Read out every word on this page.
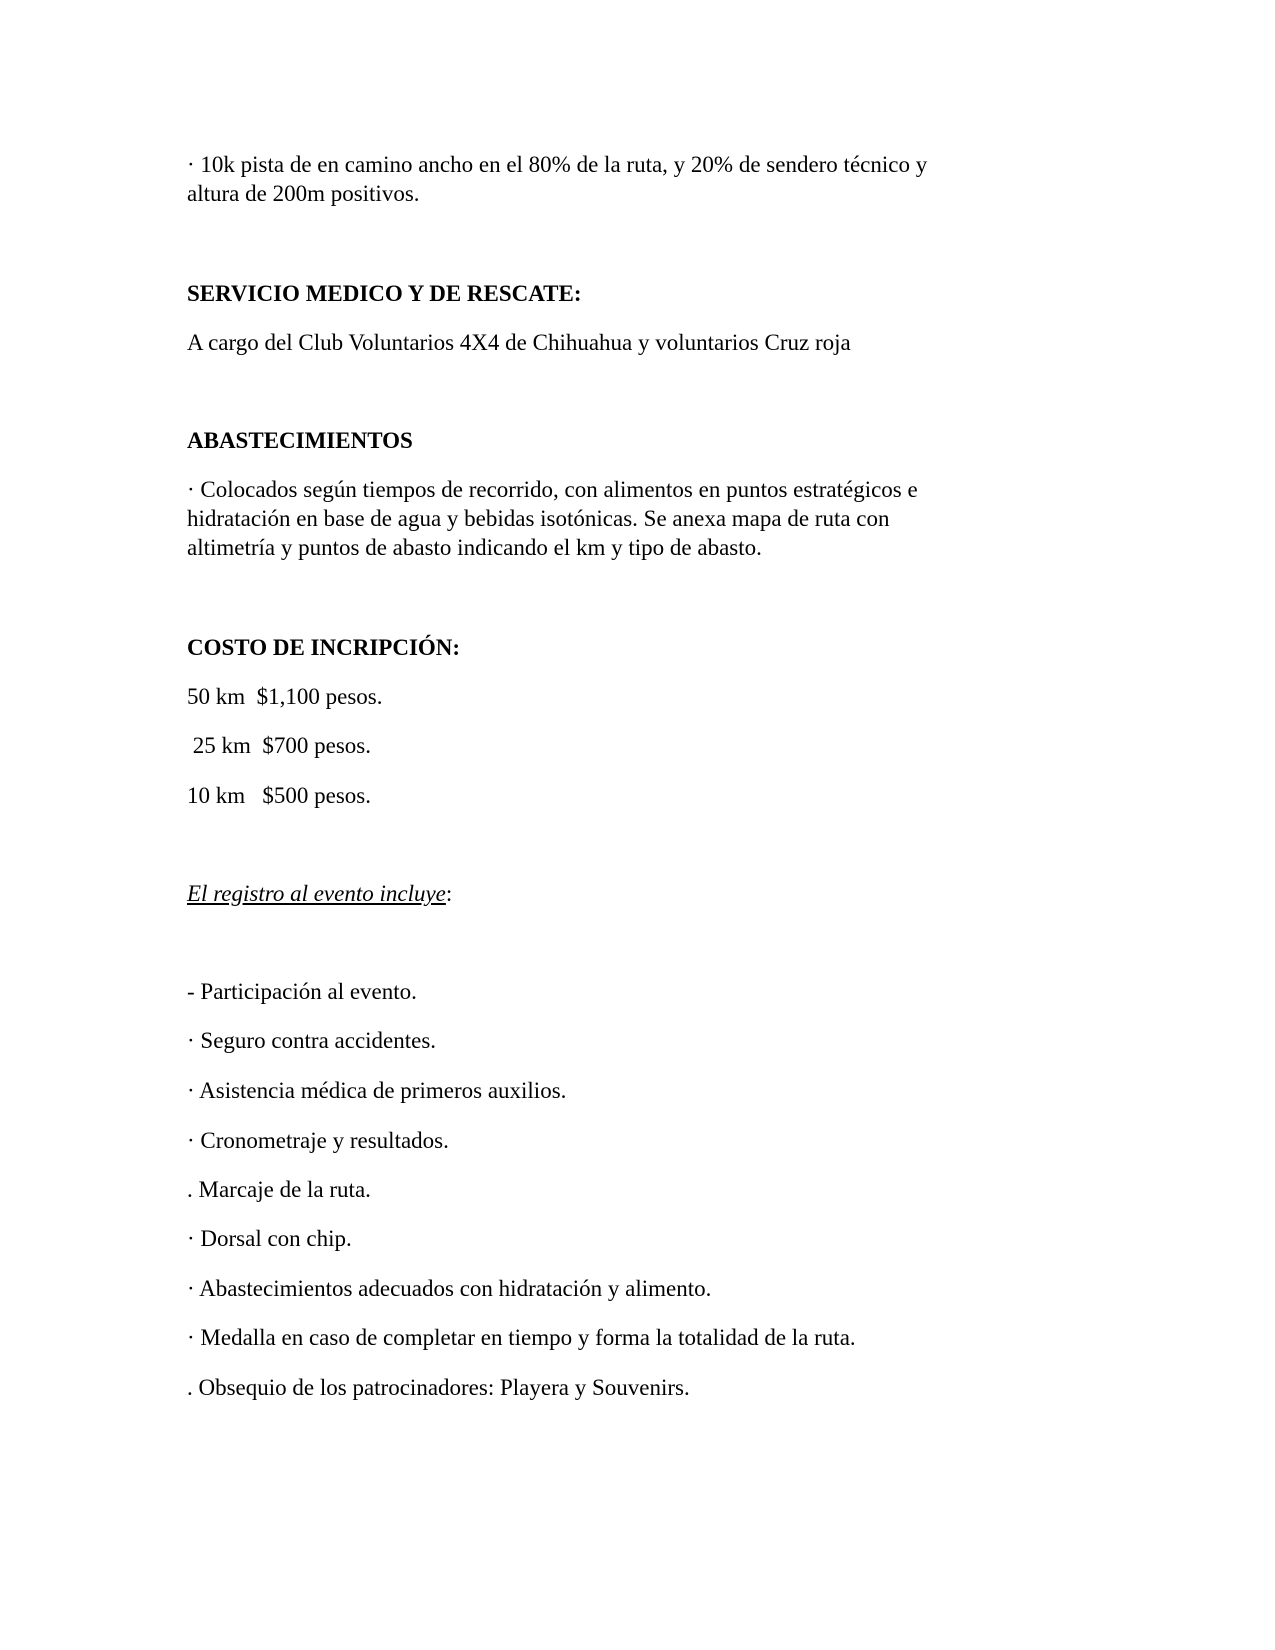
· 10k pista de en camino ancho en el 80% de la ruta, y 20% de sendero técnico y
altura de 200m positivos.
SERVICIO MEDICO Y DE RESCATE:
A cargo del Club Voluntarios 4X4 de Chihuahua y voluntarios Cruz roja
ABASTECIMIENTOS
· Colocados según tiempos de recorrido, con alimentos en puntos estratégicos e
hidratación en base de agua y bebidas isotónicas. Se anexa mapa de ruta con
altimetría y puntos de abasto indicando el km y tipo de abasto.
COSTO DE INCRIPCIÓN:
50 km  $1,100 pesos.
25 km  $700 pesos.
10 km   $500 pesos.
El registro al evento incluye:
- Participación al evento.
· Seguro contra accidentes.
· Asistencia médica de primeros auxilios.
· Cronometraje y resultados.
. Marcaje de la ruta.
· Dorsal con chip.
· Abastecimientos adecuados con hidratación y alimento.
· Medalla en caso de completar en tiempo y forma la totalidad de la ruta.
. Obsequio de los patrocinadores: Playera y Souvenirs.
